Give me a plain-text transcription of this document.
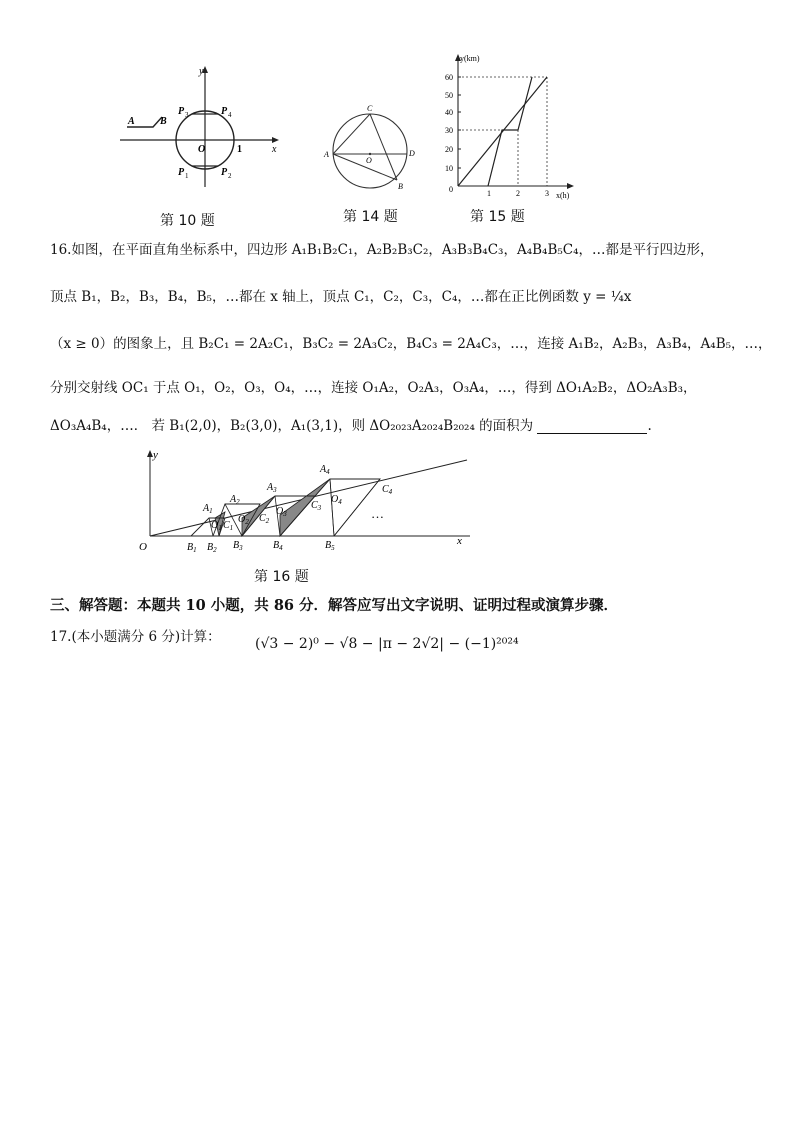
y
x
O	1
A	B
P 3	P 4
P 1	P 2
第 10 题
A
C
D
B
O
第 14 题
y(km)
x(h)
60
50
40
30
20
10
0	1	2	3
第 15 题
16.如图，在平面直角坐标系中，四边形 A₁B₁B₂C₁，A₂B₂B₃C₂，A₃B₃B₄C₃，A₄B₄B₅C₄，…都是平行四边形，
顶点 B₁，B₂，B₃，B₄，B₅，…都在 x 轴上，顶点 C₁，C₂，C₃，C₄，…都在正比例函数 y = ¼x
（x ≥ 0）的图象上，且 B₂C₁ = 2A₂C₁，B₃C₂ = 2A₃C₂，B₄C₃ = 2A₄C₃，…，连接 A₁B₂，A₂B₃，A₃B₄，A₄B₅，…，
分别交射线 OC₁ 于点 O₁，O₂，O₃，O₄，…，连接 O₁A₂，O₂A₃，O₃A₄，…，得到 ΔO₁A₂B₂，ΔO₂A₃B₃，
ΔO₃A₄B₄，…． 若 B₁(2,0)，B₂(3,0)，A₁(3,1)，则 ΔO₂₀₂₃A₂₀₂₄B₂₀₂₄ 的面积为	.
y
x
O
…
$A_1$
$A_2$
$A_3$
$A_4$
$B_1$ $B_2$ $B_3$	$B_4$	$B_5$
$O_1$ $C_1$
$O_2$ $C_2$
$O_3$
$C_3$
$O_4$
$C_4$
第 16 题
三、解答题：本题共 10 小题，共 86 分．解答应写出文字说明、证明过程或演算步骤．
17.(本小题满分 6 分)计算： (√3 − 2)⁰ − √8 − |π − 2√2| − (−1)²⁰²⁴
